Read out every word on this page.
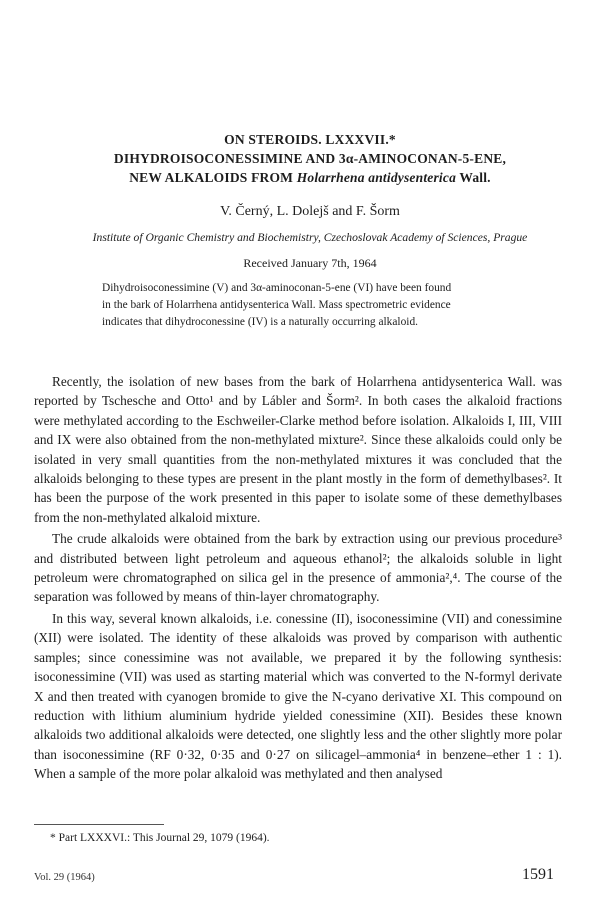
ON STEROIDS. LXXXVII.*
DIHYDROISOCONESSIMINE AND 3α-AMINOCONAN-5-ENE,
NEW ALKALOIDS FROM Holarrhena antidysenterica Wall.
V. Černý, L. Dolejš and F. Šorm
Institute of Organic Chemistry and Biochemistry, Czechoslovak Academy of Sciences, Prague
Received January 7th, 1964

Dihydroisoconessimine (V) and 3α-aminoconan-5-ene (VI) have been found

in the bark of Holarrhena antidysenterica Wall. Mass spectrometric evidence

indicates that dihydroconessine (IV) is a naturally occurring alkaloid.

Recently, the isolation of new bases from the bark of Holarrhena antidysenterica Wall. was reported by Tschesche and Otto¹ and by Lábler and Šorm². In both cases the alkaloid fractions were methylated according to the Eschweiler-Clarke method before isolation. Alkaloids I, III, VIII and IX were also obtained from the non-methylated mixture². Since these alkaloids could only be isolated in very small quantities from the non-methylated mixtures it was concluded that the alkaloids belonging to these types are present in the plant mostly in the form of demethylbases². It has been the purpose of the work presented in this paper to isolate some of these demethylbases from the non-methylated alkaloid mixture.

The crude alkaloids were obtained from the bark by extraction using our previous procedure³ and distributed between light petroleum and aqueous ethanol²; the alkaloids soluble in light petroleum were chromatographed on silica gel in the presence of ammonia²,⁴. The course of the separation was followed by means of thin-layer chromatography.

In this way, several known alkaloids, i.e. conessine (II), isoconessimine (VII) and conessimine (XII) were isolated. The identity of these alkaloids was proved by comparison with authentic samples; since conessimine was not available, we prepared it by the following synthesis: isoconessimine (VII) was used as starting material which was converted to the N-formyl derivate X and then treated with cyanogen bromide to give the N-cyano derivative XI. This compound on reduction with lithium aluminium hydride yielded conessimine (XII). Besides these known alkaloids two additional alkaloids were detected, one slightly less and the other slightly more polar than isoconessimine (RF 0·32, 0·35 and 0·27 on silicagel–ammonia⁴ in benzene–ether 1 : 1). When a sample of the more polar alkaloid was methylated and then analysed

* Part LXXXVI.: This Journal 29, 1079 (1964).
Vol. 29 (1964)	1591
